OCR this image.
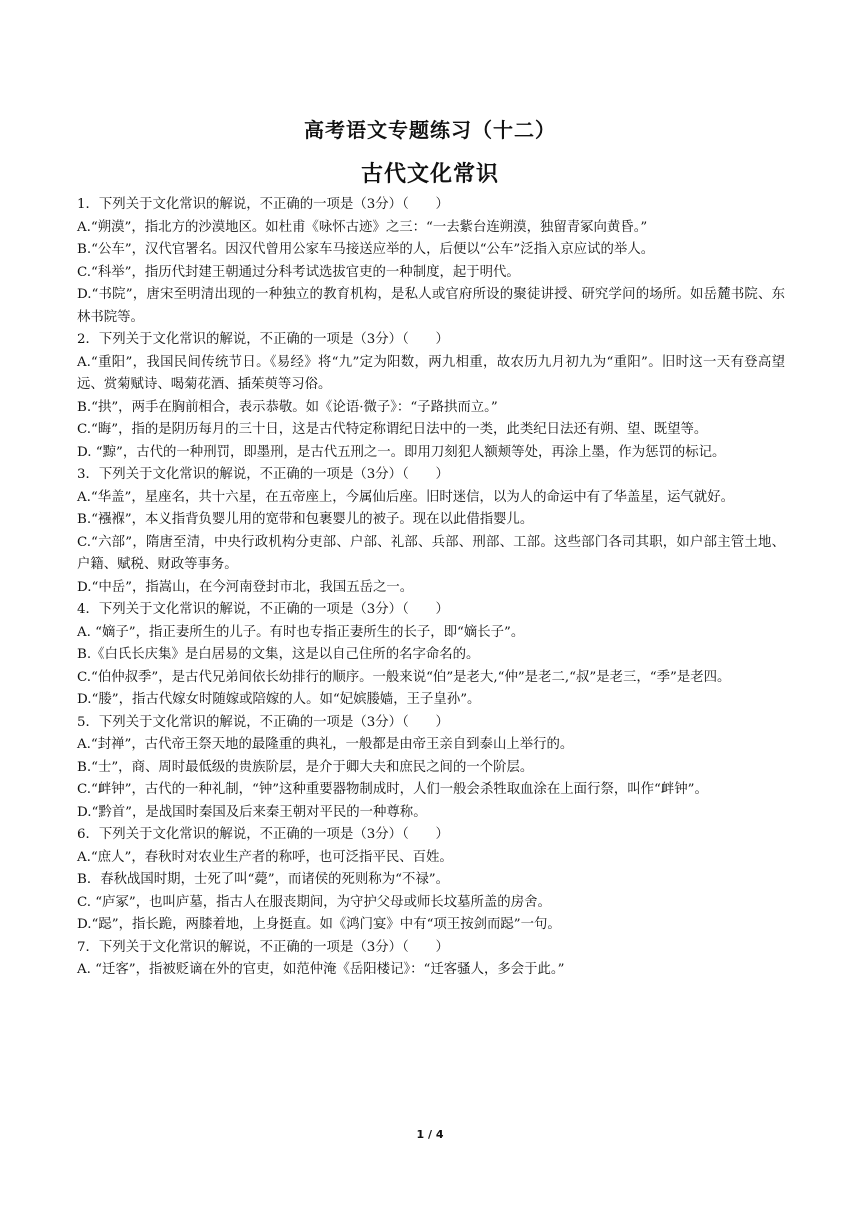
高考语文专题练习（十二）
古代文化常识

1．下列关于文化常识的解说，不正确的一项是（3分）（　　）

A.“朔漠”，指北方的沙漠地区。如杜甫《咏怀古迹》之三：“一去紫台连朔漠，独留青冢向黄昏。”

B.“公车”，汉代官署名。因汉代曾用公家车马接送应举的人，后便以“公车”泛指入京应试的举人。

C.“科举”，指历代封建王朝通过分科考试选拔官吏的一种制度，起于明代。

D.“书院”，唐宋至明清出现的一种独立的教育机构，是私人或官府所设的聚徒讲授、研究学问的场所。如岳麓书院、东林书院等。

2．下列关于文化常识的解说，不正确的一项是（3分）（　　）

A.“重阳”，我国民间传统节日。《易经》将“九”定为阳数，两九相重，故农历九月初九为“重阳”。旧时这一天有登高望远、赏菊赋诗、喝菊花酒、插茱萸等习俗。

B.“拱”，两手在胸前相合，表示恭敬。如《论语·微子》：“子路拱而立。”

C.“晦”，指的是阴历每月的三十日，这是古代特定称谓纪日法中的一类，此类纪日法还有朔、望、既望等。

D. “黥”，古代的一种刑罚，即墨刑，是古代五刑之一。即用刀刻犯人额颊等处，再涂上墨，作为惩罚的标记。

3．下列关于文化常识的解说，不正确的一项是（3分）（　　）

A.“华盖”，星座名，共十六星，在五帝座上，今属仙后座。旧时迷信，以为人的命运中有了华盖星，运气就好。

B.“襁褓”，本义指背负婴儿用的宽带和包裹婴儿的被子。现在以此借指婴儿。

C.“六部”，隋唐至清，中央行政机构分吏部、户部、礼部、兵部、刑部、工部。这些部门各司其职，如户部主管土地、户籍、赋税、财政等事务。

D.“中岳”，指嵩山，在今河南登封市北，我国五岳之一。

4．下列关于文化常识的解说，不正确的一项是（3分）（　　）

A. “嫡子”，指正妻所生的儿子。有时也专指正妻所生的长子，即“嫡长子”。

B.《白氏长庆集》是白居易的文集，这是以自己住所的名字命名的。

C.“伯仲叔季”，是古代兄弟间依长幼排行的顺序。一般来说“伯”是老大,“仲”是老二,“叔”是老三，“季”是老四。

D.“媵”，指古代嫁女时随嫁或陪嫁的人。如“妃嫔媵嫱，王子皇孙”。

5．下列关于文化常识的解说，不正确的一项是（3分）（　　）

A.“封禅”，古代帝王祭天地的最隆重的典礼，一般都是由帝王亲自到泰山上举行的。

B.“士”，商、周时最低级的贵族阶层，是介于卿大夫和庶民之间的一个阶层。

C.“衅钟”，古代的一种礼制，“钟”这种重要器物制成时，人们一般会杀牲取血涂在上面行祭，叫作“衅钟”。

D.“黔首”，是战国时秦国及后来秦王朝对平民的一种尊称。

6．下列关于文化常识的解说，不正确的一项是（3分）（　　）

A.“庶人”，春秋时对农业生产者的称呼，也可泛指平民、百姓。

B．春秋战国时期，士死了叫“薨”，而诸侯的死则称为“不禄”。

C. “庐冢”，也叫庐墓，指古人在服丧期间，为守护父母或师长坟墓所盖的房舍。

D.“跽”，指长跪，两膝着地，上身挺直。如《鸿门宴》中有“项王按剑而跽”一句。

7．下列关于文化常识的解说，不正确的一项是（3分）（　　）

A. “迁客”，指被贬谪在外的官吏，如范仲淹《岳阳楼记》：“迁客骚人，多会于此。”

1 / 4
